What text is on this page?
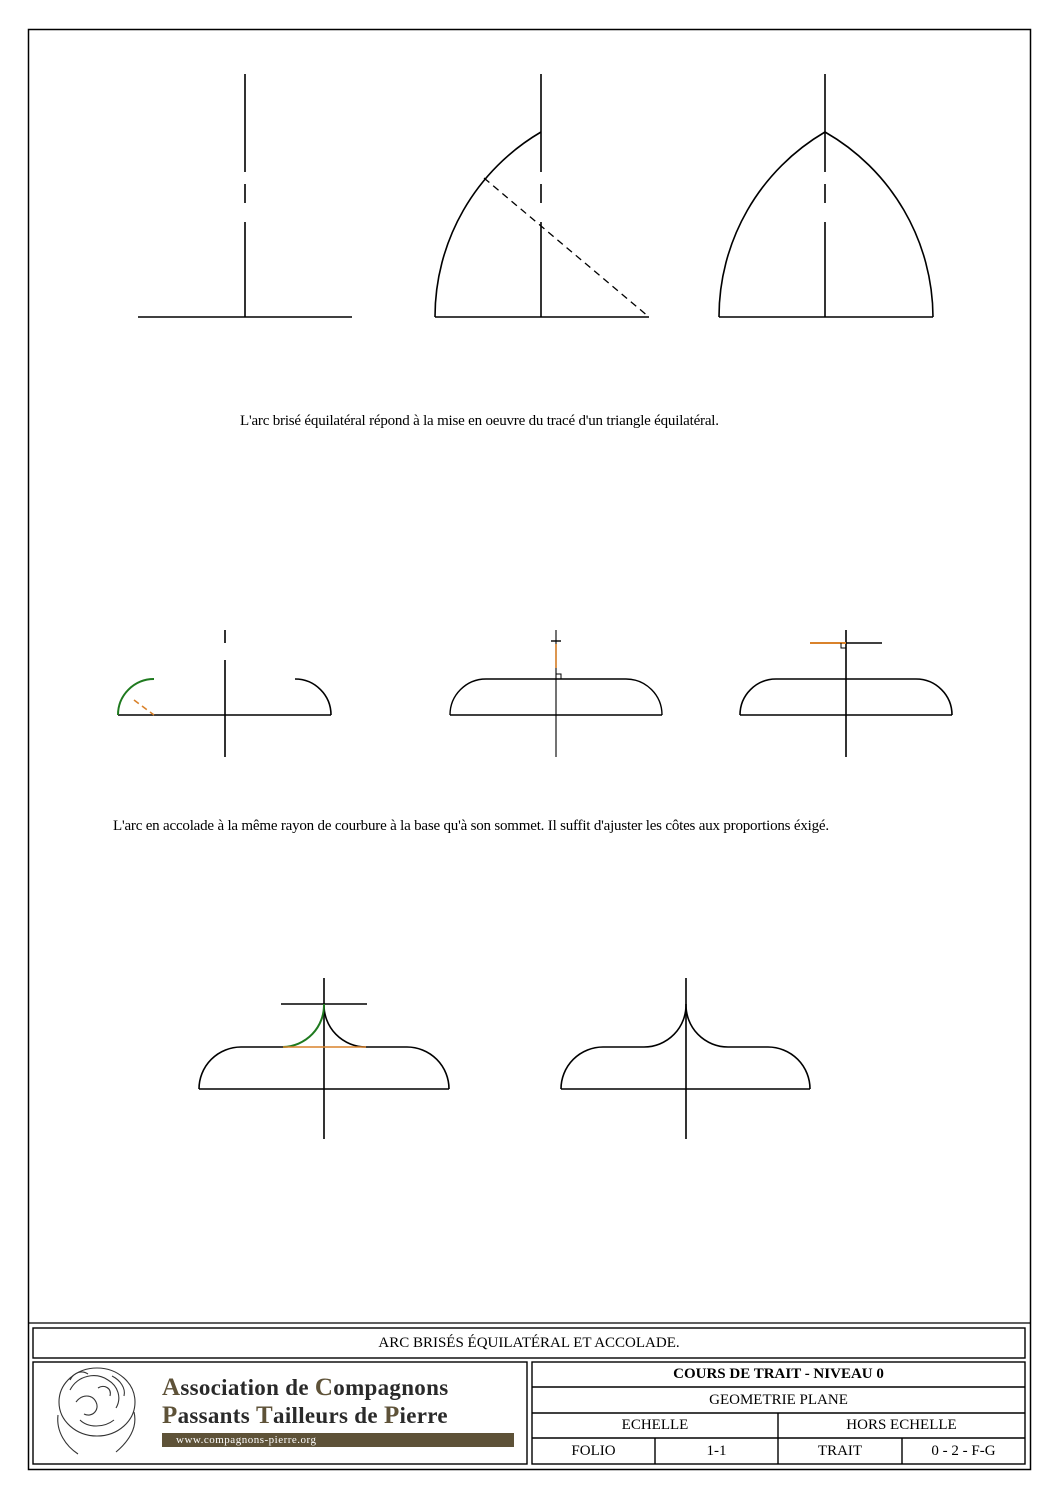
L'arc brisé équilatéral répond à la mise en oeuvre du tracé d'un triangle équilatéral.
L'arc en accolade à la même rayon de courbure à la base qu'à son sommet. Il suffit d'ajuster les côtes aux proportions éxigé.
ARC BRISÉS ÉQUILATÉRAL ET ACCOLADE.
COURS DE TRAIT - NIVEAU 0
GEOMETRIE PLANE
ECHELLE	HORS ECHELLE
FOLIO	1-1	TRAIT	0 - 2 - F-G
Association de Compagnons
Passants Tailleurs de Pierre
www.compagnons-pierre.org
